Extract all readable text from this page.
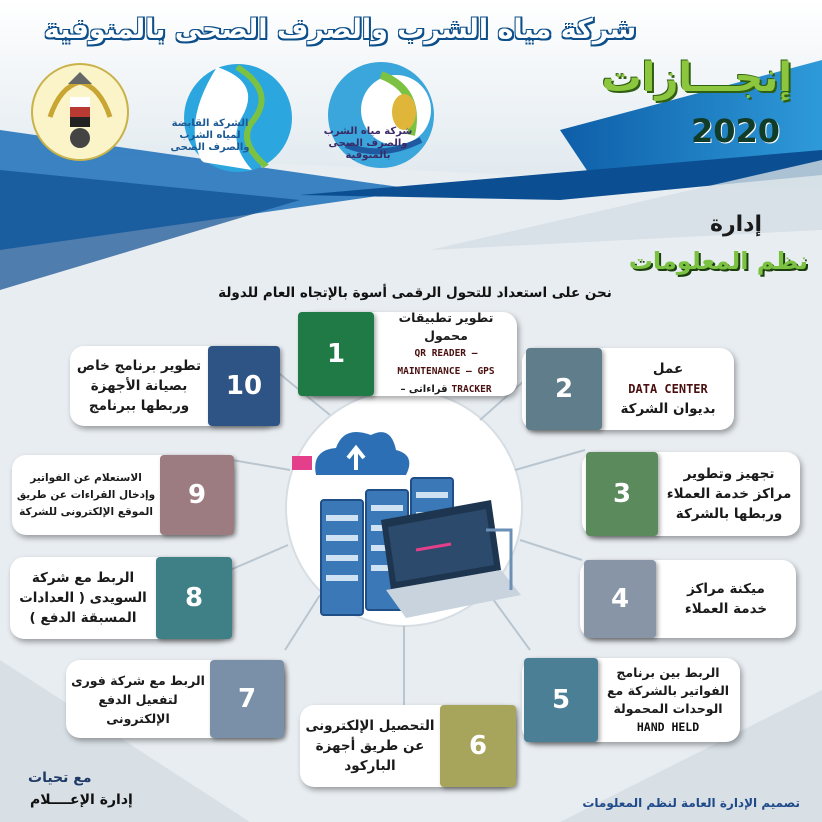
شركة مياه الشرب والصرف الصحى بالمنوفية
إنجـــازات
2020
الشركة القابضة لمياه الشرب والصرف الصحى
شركة مياه الشرب والصرف الصحى بالمنوفية
إدارة
نظم المعلومات
نحن على استعداد للتحول الرقمى أسوة بالإتجاه العام للدولة
1
تطوير تطبيقات محمول
QR READER –
MAINTENANCE – GPS
TRACKER
قراءاتى –	2
عمل
DATA CENTER
بديوان الشركة
3
تجهيز وتطوير
مراكز خدمة العملاء
وربطها بالشركة
4	ميكنة مراكز
خدمة العملاء
5
الربط بين برنامج
الفواتير بالشركة مع
الوحدات المحمولة
HAND HELD
6
التحصيل الإلكترونى
عن طريق أجهزة
الباركود
7
الربط مع شركة فورى
لتفعيل الدفع
الإلكترونى
8
الربط مع شركة
السويدى ( العدادات
المسبقة الدفع )
9
الاستعلام عن الفواتير
وإدخال القراءات عن طريق
الموقع الإلكترونى للشركة
10
تطوير برنامج خاص
بصيانة الأجهزة
وربطها ببرنامج
مع تحيات
إدارة الإعــــلام	تصميم الإدارة العامة لنظم المعلومات
